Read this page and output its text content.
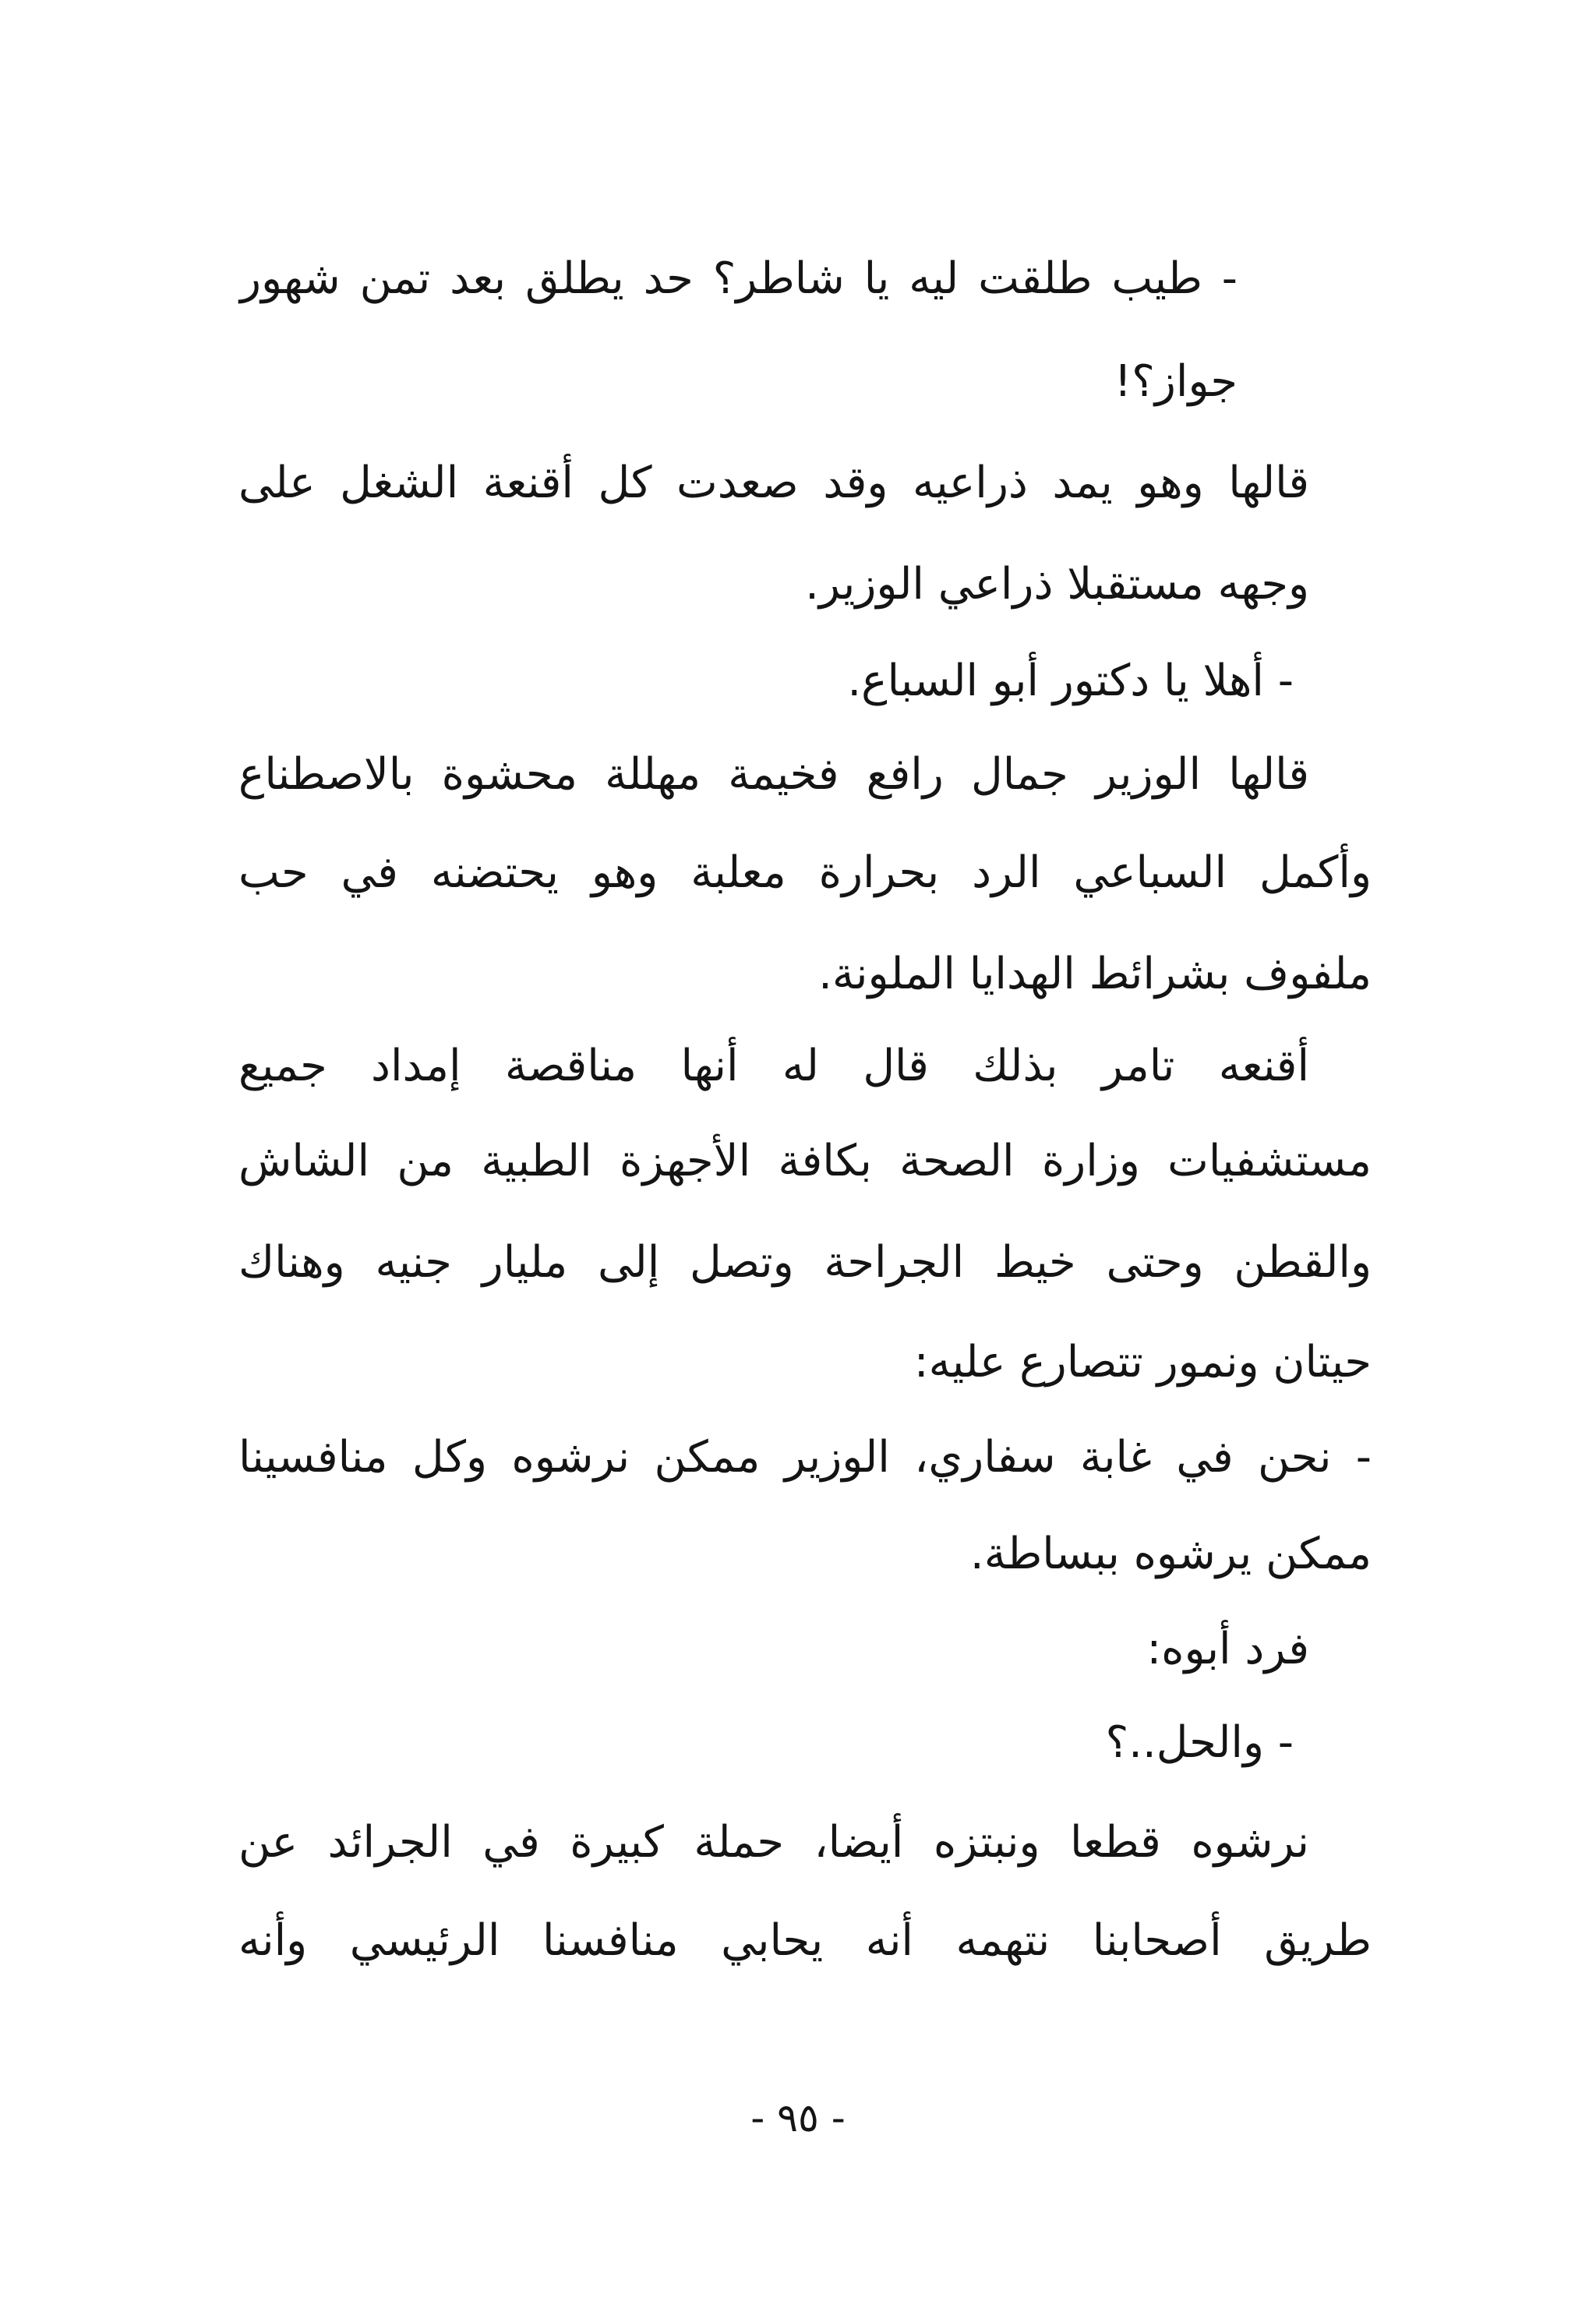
- طيب طلقت ليه يا شاطر؟ حد يطلق بعد تمن شهور
جواز؟!
قالها وهو يمد ذراعيه وقد صعدت كل أقنعة الشغل على
وجهه مستقبلا ذراعي الوزير.
- أهلا يا دكتور أبو السباع.
قالها الوزير جمال رافع فخيمة مهللة محشوة بالاصطناع
وأكمل السباعي الرد بحرارة معلبة وهو يحتضنه في حب
ملفوف بشرائط الهدايا الملونة.
أقنعه تامر بذلك قال له أنها مناقصة إمداد جميع
مستشفيات وزارة الصحة بكافة الأجهزة الطبية من الشاش
والقطن وحتى خيط الجراحة وتصل إلى مليار جنيه وهناك
حيتان ونمور تتصارع عليه:
- نحن في غابة سفاري، الوزير ممكن نرشوه وكل منافسينا
ممكن يرشوه ببساطة.
فرد أبوه:
- والحل..؟
نرشوه قطعا ونبتزه أيضا، حملة كبيرة في الجرائد عن
طريق أصحابنا نتهمه أنه يحابي منافسنا الرئيسي وأنه
- ٩٥ -
